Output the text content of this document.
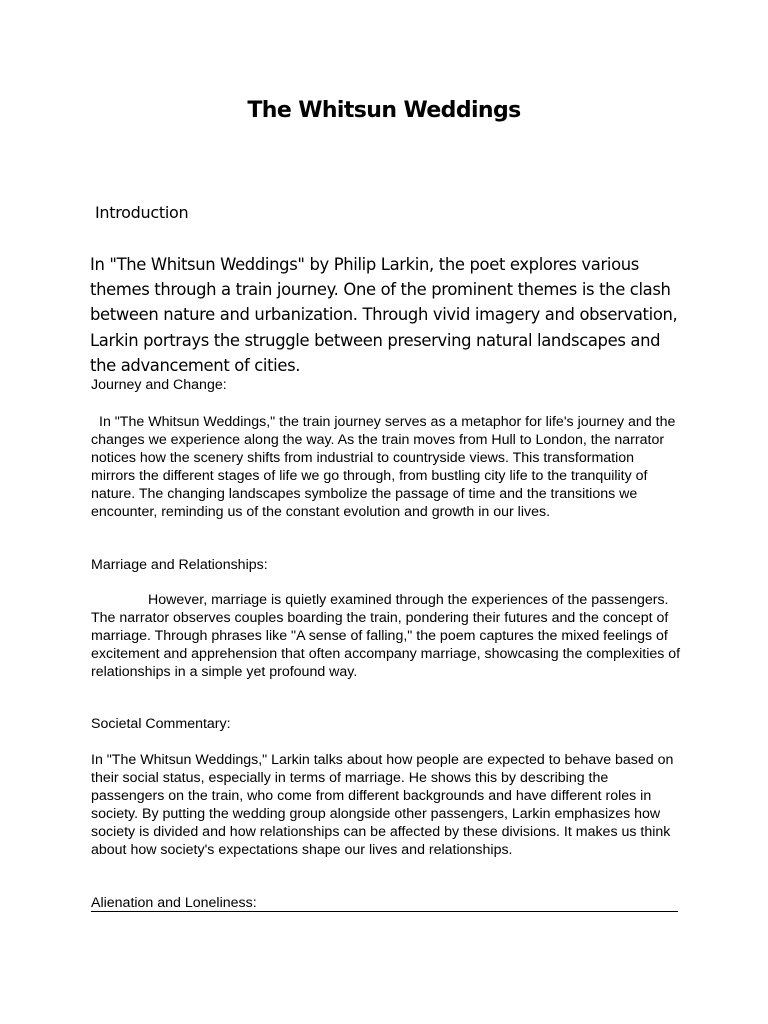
The Whitsun Weddings
Introduction

In "The Whitsun Weddings" by Philip Larkin, the poet explores various themes through a train journey. One of the prominent themes is the clash between nature and urbanization. Through vivid imagery and observation, Larkin portrays the struggle between preserving natural landscapes and the advancement of cities.

Journey and Change:

In "The Whitsun Weddings," the train journey serves as a metaphor for life's journey and the changes we experience along the way. As the train moves from Hull to London, the narrator notices how the scenery shifts from industrial to countryside views. This transformation mirrors the different stages of life we go through, from bustling city life to the tranquility of nature. The changing landscapes symbolize the passage of time and the transitions we encounter, reminding us of the constant evolution and growth in our lives.

Marriage and Relationships:

However, marriage is quietly examined through the experiences of the passengers. The narrator observes couples boarding the train, pondering their futures and the concept of marriage. Through phrases like "A sense of falling," the poem captures the mixed feelings of excitement and apprehension that often accompany marriage, showcasing the complexities of relationships in a simple yet profound way.

Societal Commentary:

In "The Whitsun Weddings," Larkin talks about how people are expected to behave based on their social status, especially in terms of marriage. He shows this by describing the passengers on the train, who come from different backgrounds and have different roles in society. By putting the wedding group alongside other passengers, Larkin emphasizes how society is divided and how relationships can be affected by these divisions. It makes us think about how society's expectations shape our lives and relationships.

Alienation and Loneliness:
